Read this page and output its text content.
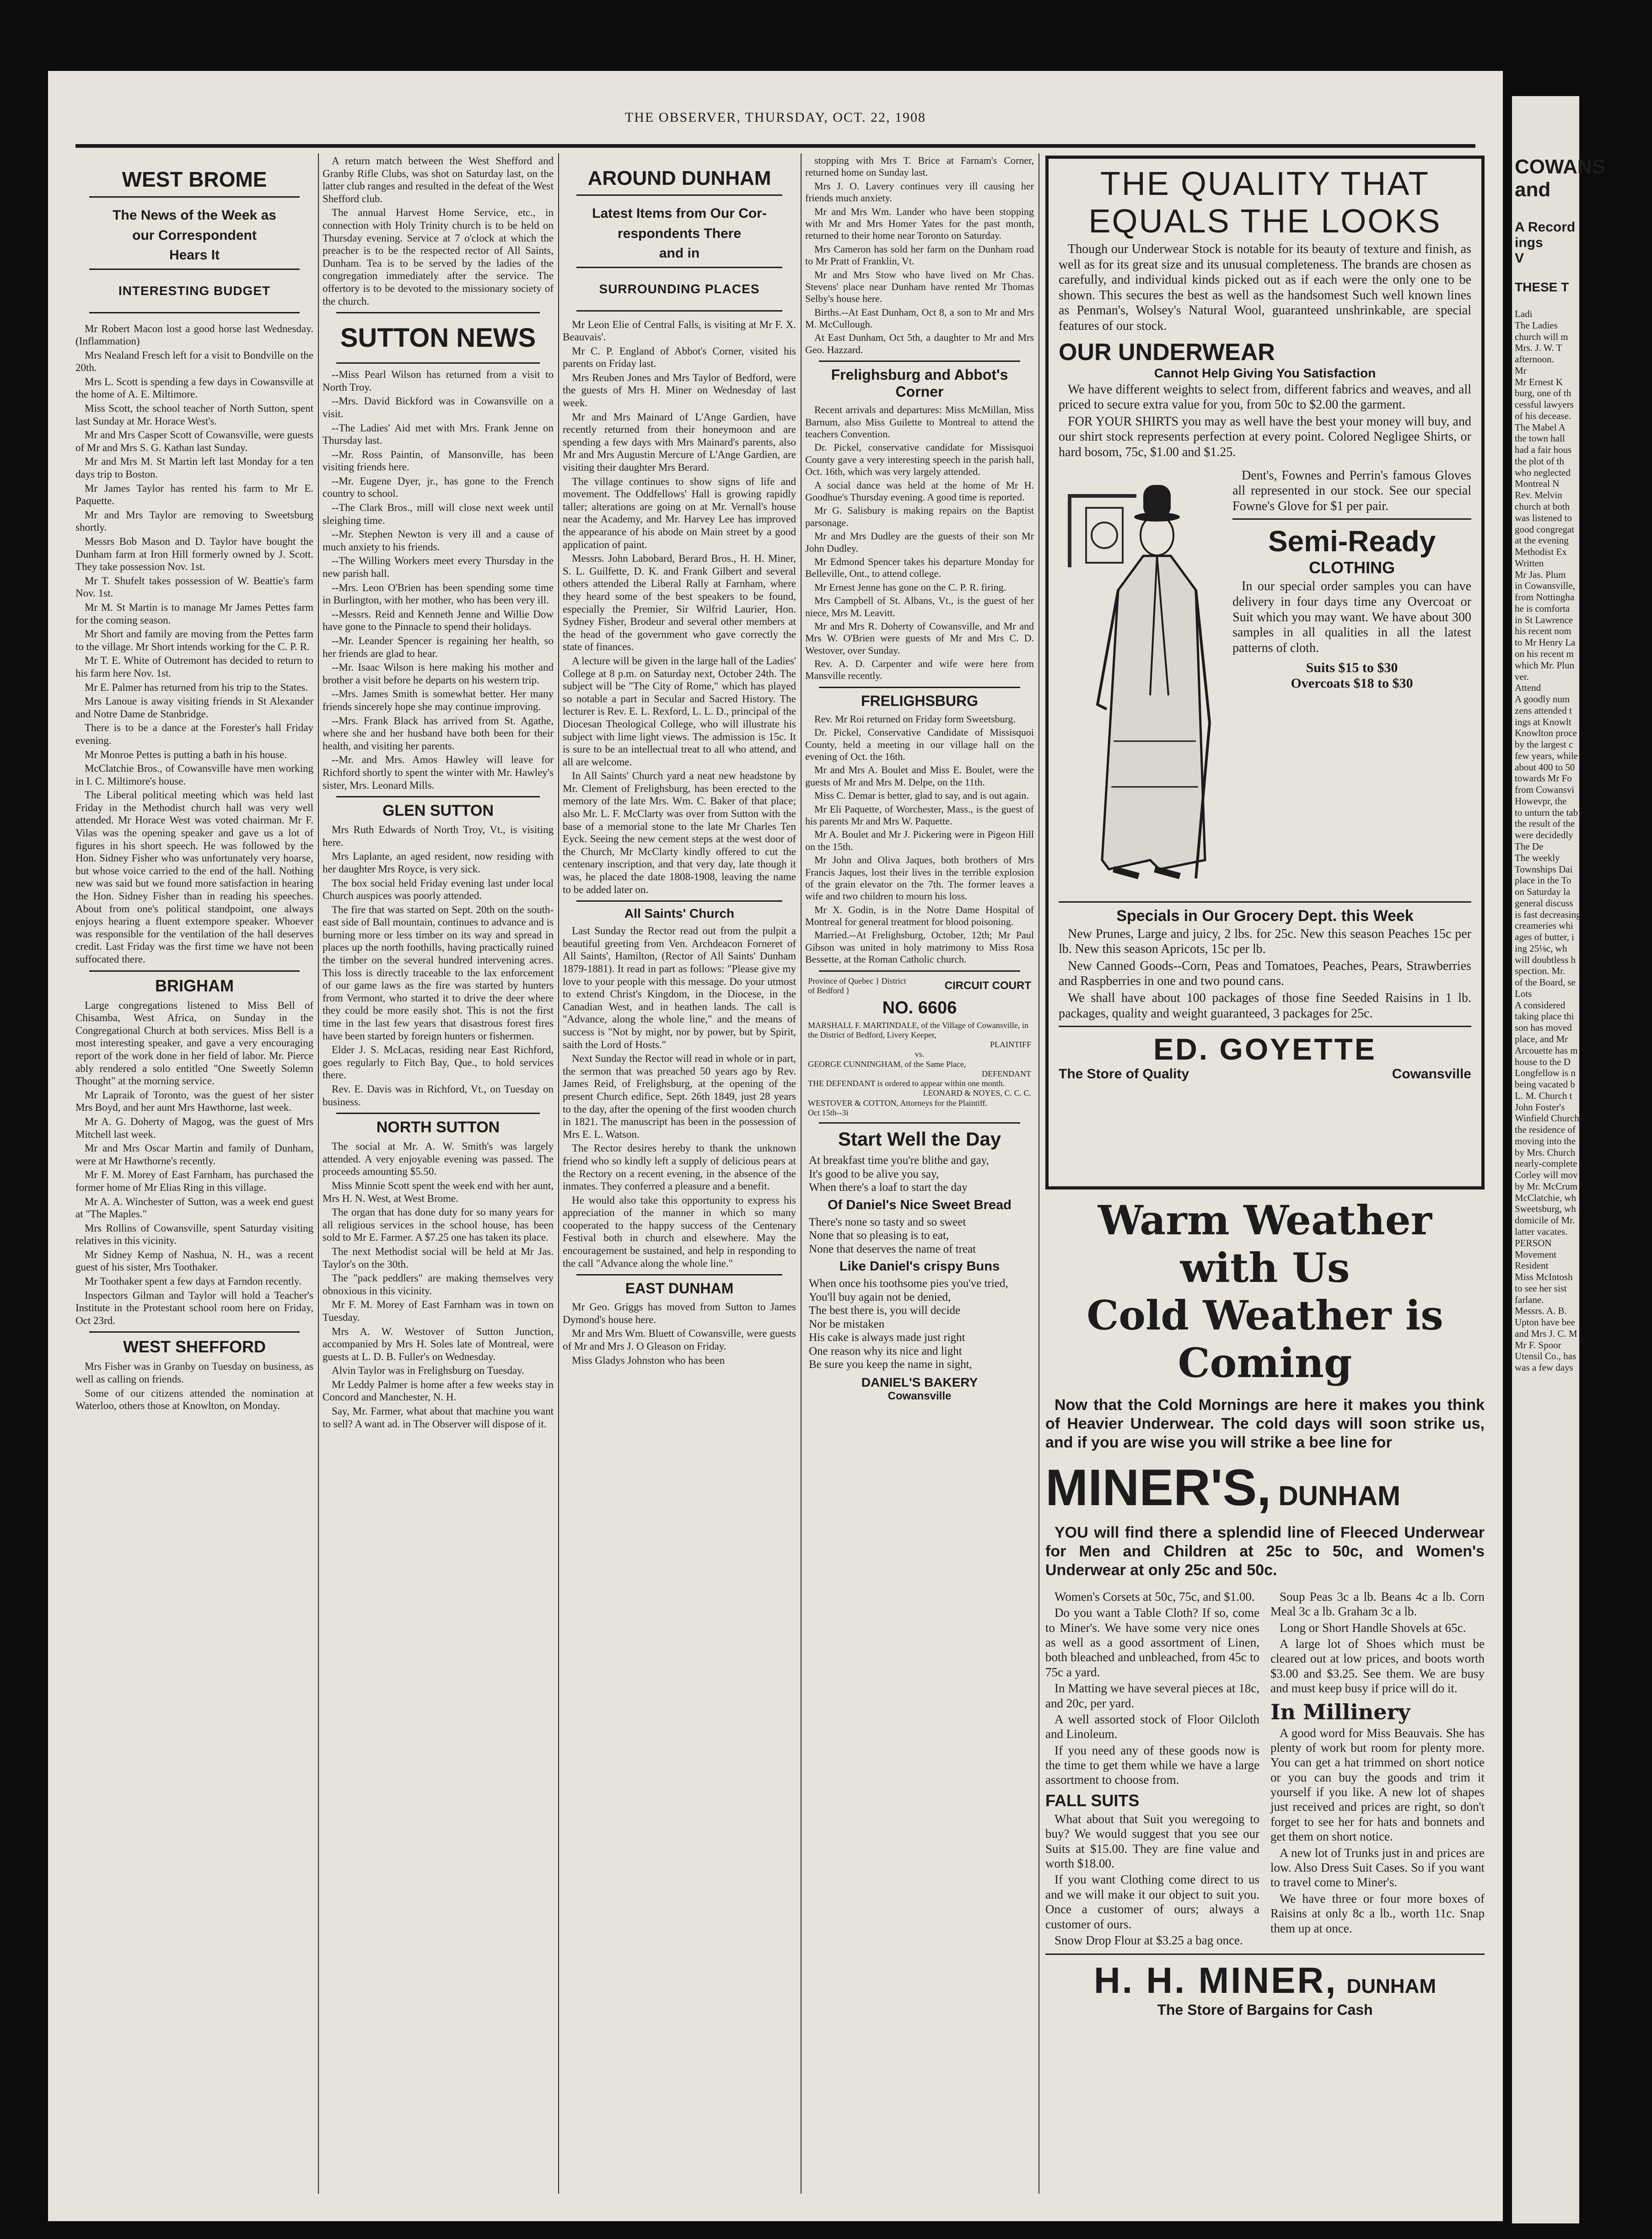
THE OBSERVER, THURSDAY, OCT. 22, 1908
WEST BROME
The News of the Week as
our Correspondent
Hears It
INTERESTING BUDGET

Mr Robert Macon lost a good horse last Wednesday. (Inflammation)

Mrs Nealand Fresch left for a visit to Bondville on the 20th.

Mrs L. Scott is spending a few days in Cowansville at the home of A. E. Miltimore.

Miss Scott, the school teacher of North Sutton, spent last Sunday at Mr. Horace West's.

Mr and Mrs Casper Scott of Cowansville, were guests of Mr and Mrs S. G. Kathan last Sunday.

Mr and Mrs M. St Martin left last Monday for a ten days trip to Boston.

Mr James Taylor has rented his farm to Mr E. Paquette.

Mr and Mrs Taylor are removing to Sweetsburg shortly.

Messrs Bob Mason and D. Taylor have bought the Dunham farm at Iron Hill formerly owned by J. Scott. They take possession Nov. 1st.

Mr T. Shufelt takes possession of W. Beattie's farm Nov. 1st.

Mr M. St Martin is to manage Mr James Pettes farm for the coming season.

Mr Short and family are moving from the Pettes farm to the village. Mr Short intends working for the C. P. R.

Mr T. E. White of Outremont has decided to return to his farm here Nov. 1st.

Mr E. Palmer has returned from his trip to the States.

Mrs Lanoue is away visiting friends in St Alexander and Notre Dame de Stanbridge.

There is to be a dance at the Forester's hall Friday evening.

Mr Monroe Pettes is putting a bath in his house.

McClatchie Bros., of Cowansville have men working in I. C. Miltimore's house.

The Liberal political meeting which was held last Friday in the Methodist church hall was very well attended. Mr Horace West was voted chairman. Mr F. Vilas was the opening speaker and gave us a lot of figures in his short speech. He was followed by the Hon. Sidney Fisher who was unfortunately very hoarse, but whose voice carried to the end of the hall. Nothing new was said but we found more satisfaction in hearing the Hon. Sidney Fisher than in reading his speeches. About from one's political standpoint, one always enjoys hearing a fluent extempore speaker. Whoever was responsible for the ventilation of the hall deserves credit. Last Friday was the first time we have not been suffocated there.

BRIGHAM

Large congregations listened to Miss Bell of Chisamba, West Africa, on Sunday in the Congregational Church at both services. Miss Bell is a most interesting speaker, and gave a very encouraging report of the work done in her field of labor. Mr. Pierce ably rendered a solo entitled "One Sweetly Solemn Thought" at the morning service.

Mr Lapraik of Toronto, was the guest of her sister Mrs Boyd, and her aunt Mrs Hawthorne, last week.

Mr A. G. Doherty of Magog, was the guest of Mrs Mitchell last week.

Mr and Mrs Oscar Martin and family of Dunham, were at Mr Hawthorne's recently.

Mr F. M. Morey of East Farnham, has purchased the former home of Mr Elias Ring in this village.

Mr A. A. Winchester of Sutton, was a week end guest at "The Maples."

Mrs Rollins of Cowansville, spent Saturday visiting relatives in this vicinity.

Mr Sidney Kemp of Nashua, N. H., was a recent guest of his sister, Mrs Toothaker.

Mr Toothaker spent a few days at Farndon recently.

Inspectors Gilman and Taylor will hold a Teacher's Institute in the Protestant school room here on Friday, Oct 23rd.

WEST SHEFFORD

Mrs Fisher was in Granby on Tuesday on business, as well as calling on friends.

Some of our citizens attended the nomination at Waterloo, others those at Knowlton, on Monday.

A return match between the West Shefford and Granby Rifle Clubs, was shot on Saturday last, on the latter club ranges and resulted in the defeat of the West Shefford club.

The annual Harvest Home Service, etc., in connection with Holy Trinity church is to be held on Thursday evening. Service at 7 o'clock at which the preacher is to be the respected rector of All Saints, Dunham. Tea is to be served by the ladies of the congregation immediately after the service. The offertory is to be devoted to the missionary society of the church.

SUTTON NEWS

--Miss Pearl Wilson has returned from a visit to North Troy.

--Mrs. David Bickford was in Cowansville on a visit.

--The Ladies' Aid met with Mrs. Frank Jenne on Thursday last.

--Mr. Ross Paintin, of Mansonville, has been visiting friends here.

--Mr. Eugene Dyer, jr., has gone to the French country to school.

--The Clark Bros., mill will close next week until sleighing time.

--Mr. Stephen Newton is very ill and a cause of much anxiety to his friends.

--The Willing Workers meet every Thursday in the new parish hall.

--Mrs. Leon O'Brien has been spending some time in Burlington, with her mother, who has been very ill.

--Messrs. Reid and Kenneth Jenne and Willie Dow have gone to the Pinnacle to spend their holidays.

--Mr. Leander Spencer is regaining her health, so her friends are glad to hear.

--Mr. Isaac Wilson is here making his mother and brother a visit before he departs on his western trip.

--Mrs. James Smith is somewhat better. Her many friends sincerely hope she may continue improving.

--Mrs. Frank Black has arrived from St. Agathe, where she and her husband have both been for their health, and visiting her parents.

--Mr. and Mrs. Amos Hawley will leave for Richford shortly to spent the winter with Mr. Hawley's sister, Mrs. Leonard Mills.

GLEN SUTTON

Mrs Ruth Edwards of North Troy, Vt., is visiting here.

Mrs Laplante, an aged resident, now residing with her daughter Mrs Royce, is very sick.

The box social held Friday evening last under local Church auspices was poorly attended.

The fire that was started on Sept. 20th on the south-east side of Ball mountain, continues to advance and is burning more or less timber on its way and spread in places up the north foothills, having practically ruined the timber on the several hundred intervening acres. This loss is directly traceable to the lax enforcement of our game laws as the fire was started by hunters from Vermont, who started it to drive the deer where they could be more easily shot. This is not the first time in the last few years that disastrous forest fires have been started by foreign hunters or fishermen.

Elder J. S. McLacas, residing near East Richford, goes regularly to Fitch Bay, Que., to hold services there.

Rev. E. Davis was in Richford, Vt., on Tuesday on business.

NORTH SUTTON

The social at Mr. A. W. Smith's was largely attended. A very enjoyable evening was passed. The proceeds amounting $5.50.

Miss Minnie Scott spent the week end with her aunt, Mrs H. N. West, at West Brome.

The organ that has done duty for so many years for all religious services in the school house, has been sold to Mr E. Farmer. A $7.25 one has taken its place.

The next Methodist social will be held at Mr Jas. Taylor's on the 30th.

The "pack peddlers" are making themselves very obnoxious in this vicinity.

Mr F. M. Morey of East Farnham was in town on Tuesday.

Mrs A. W. Westover of Sutton Junction, accompanied by Mrs H. Soles late of Montreal, were guests at L. D. B. Fuller's on Wednesday.

Alvin Taylor was in Frelighsburg on Tuesday.

Mr Leddy Palmer is home after a few weeks stay in Concord and Manchester, N. H.

Say, Mr. Farmer, what about that machine you want to sell? A want ad. in The Observer will dispose of it.

AROUND DUNHAM
Latest Items from Our Cor-
respondents There
and in
SURROUNDING PLACES

Mr Leon Elie of Central Falls, is visiting at Mr F. X. Beauvais'.

Mr C. P. England of Abbot's Corner, visited his parents on Friday last.

Mrs Reuben Jones and Mrs Taylor of Bedford, were the guests of Mrs H. Miner on Wednesday of last week.

Mr and Mrs Mainard of L'Ange Gardien, have recently returned from their honeymoon and are spending a few days with Mrs Mainard's parents, also Mr and Mrs Augustin Mercure of L'Ange Gardien, are visiting their daughter Mrs Berard.

The village continues to show signs of life and movement. The Oddfellows' Hall is growing rapidly taller; alterations are going on at Mr. Vernall's house near the Academy, and Mr. Harvey Lee has improved the appearance of his abode on Main street by a good application of paint.

Messrs. John Labobard, Berard Bros., H. H. Miner, S. L. Guilfette, D. K. and Frank Gilbert and several others attended the Liberal Rally at Farnham, where they heard some of the best speakers to be found, especially the Premier, Sir Wilfrid Laurier, Hon. Sydney Fisher, Brodeur and several other members at the head of the government who gave correctly the state of finances.

A lecture will be given in the large hall of the Ladies' College at 8 p.m. on Saturday next, October 24th. The subject will be "The City of Rome," which has played so notable a part in Secular and Sacred History. The lecturer is Rev. E. L. Rexford, L. L. D., principal of the Diocesan Theological College, who will illustrate his subject with lime light views. The admission is 15c. It is sure to be an intellectual treat to all who attend, and all are welcome.

In All Saints' Church yard a neat new headstone by Mr. Clement of Frelighsburg, has been erected to the memory of the late Mrs. Wm. C. Baker of that place; also Mr. L. F. McClarty was over from Sutton with the base of a memorial stone to the late Mr Charles Ten Eyck. Seeing the new cement steps at the west door of the Church, Mr McClarty kindly offered to cut the centenary inscription, and that very day, late though it was, he placed the date 1808-1908, leaving the name to be added later on.

All Saints' Church

Last Sunday the Rector read out from the pulpit a beautiful greeting from Ven. Archdeacon Forneret of All Saints', Hamilton, (Rector of All Saints' Dunham 1879-1881). It read in part as follows: "Please give my love to your people with this message. Do your utmost to extend Christ's Kingdom, in the Diocese, in the Canadian West, and in heathen lands. The call is "Advance, along the whole line," and the means of success is "Not by might, nor by power, but by Spirit, saith the Lord of Hosts."

Next Sunday the Rector will read in whole or in part, the sermon that was preached 50 years ago by Rev. James Reid, of Frelighsburg, at the opening of the present Church edifice, Sept. 26th 1849, just 28 years to the day, after the opening of the first wooden church in 1821. The manuscript has been in the possession of Mrs E. L. Watson.

The Rector desires hereby to thank the unknown friend who so kindly left a supply of delicious pears at the Rectory on a recent evening, in the absence of the inmates. They conferred a pleasure and a benefit.

He would also take this opportunity to express his appreciation of the manner in which so many cooperated to the happy success of the Centenary Festival both in church and elsewhere. May the encouragement be sustained, and help in responding to the call "Advance along the whole line."

EAST DUNHAM

Mr Geo. Griggs has moved from Sutton to James Dymond's house here.

Mr and Mrs Wm. Bluett of Cowansville, were guests of Mr and Mrs J. O Gleason on Friday.

Miss Gladys Johnston who has been

stopping with Mrs T. Brice at Farnam's Corner, returned home on Sunday last.

Mrs J. O. Lavery continues very ill causing her friends much anxiety.

Mr and Mrs Wm. Lander who have been stopping with Mr and Mrs Homer Yates for the past month, returned to their home near Toronto on Saturday.

Mrs Cameron has sold her farm on the Dunham road to Mr Pratt of Franklin, Vt.

Mr and Mrs Stow who have lived on Mr Chas. Stevens' place near Dunham have rented Mr Thomas Selby's house here.

Births.--At East Dunham, Oct 8, a son to Mr and Mrs M. McCullough.

At East Dunham, Oct 5th, a daughter to Mr and Mrs Geo. Hazzard.

Frelighsburg and Abbot's Corner

Recent arrivals and departures: Miss McMillan, Miss Barnum, also Miss Guilette to Montreal to attend the teachers Convention.

Dr. Pickel, conservative candidate for Missisquoi County gave a very interesting speech in the parish hall, Oct. 16th, which was very largely attended.

A social dance was held at the home of Mr H. Goodhue's Thursday evening. A good time is reported.

Mr G. Salisbury is making repairs on the Baptist parsonage.

Mr and Mrs Dudley are the guests of their son Mr John Dudley.

Mr Edmond Spencer takes his departure Monday for Belleville, Ont., to attend college.

Mr Ernest Jenne has gone on the C. P. R. firing.

Mrs Campbell of St. Albans, Vt., is the guest of her niece, Mrs M. Leavitt.

Mr and Mrs R. Doherty of Cowansville, and Mr and Mrs W. O'Brien were guests of Mr and Mrs C. D. Westover, over Sunday.

Rev. A. D. Carpenter and wife were here from Mansville recently.

FRELIGHSBURG

Rev. Mr Roi returned on Friday form Sweetsburg.

Dr. Pickel, Conservative Candidate of Missisquoi County, held a meeting in our village hall on the evening of Oct. the 16th.

Mr and Mrs A. Boulet and Miss E. Boulet, were the guests of Mr and Mrs M. Delpe, on the 11th.

Miss C. Demar is better, glad to say, and is out again.

Mr Eli Paquette, of Worchester, Mass., is the guest of his parents Mr and Mrs W. Paquette.

Mr A. Boulet and Mr J. Pickering were in Pigeon Hill on the 15th.

Mr John and Oliva Jaques, both brothers of Mrs Francis Jaques, lost their lives in the terrible explosion of the grain elevator on the 7th. The former leaves a wife and two children to mourn his loss.

Mr X. Godin, is in the Notre Dame Hospital of Montreal for general treatment for blood poisoning.

Married.--At Frelighsburg, October, 12th; Mr Paul Gibson was united in holy matrimony to Miss Rosa Bessette, at the Roman Catholic church.

Province of Quebec } District of Bedford }	CIRCUIT COURT
NO. 6606

MARSHALL F. MARTINDALE, of the Village of Cowansville, in the District of Bedford, Livery Keeper,

PLAINTIFF

vs.

GEORGE CUNNINGHAM, of the Same Place,

DEFENDANT

THE DEFENDANT is ordered to appear within one month.

LEONARD & NOYES, C. C. C.

WESTOVER & COTTON, Attorneys for the Plaintiff.

Oct 15th--3i

Start Well the Day

At breakfast time you're blithe and gay,

It's good to be alive you say,

When there's a loaf to start the day

Of Daniel's Nice Sweet Bread

There's none so tasty and so sweet

None that so pleasing is to eat,

None that deserves the name of treat

Like Daniel's crispy Buns

When once his toothsome pies you've tried,

You'll buy again not be denied,

The best there is, you will decide

Nor be mistaken

His cake is always made just right

One reason why its nice and light

Be sure you keep the name in sight,

DANIEL'S BAKERY
Cowansville
THE QUALITY THAT
EQUALS THE LOOKS

Though our Underwear Stock is notable for its beauty of texture and finish, as well as for its great size and its unusual completeness. The brands are chosen as carefully, and individual kinds picked out as if each were the only one to be shown. This secures the best as well as the handsomest Such well known lines as Penman's, Wolsey's Natural Wool, guaranteed unshrinkable, are special features of our stock.

OUR UNDERWEAR
Cannot Help Giving You Satisfaction

We have different weights to select from, different fabrics and weaves, and all priced to secure extra value for you, from 50c to $2.00 the garment.

FOR YOUR SHIRTS you may as well have the best your money will buy, and our shirt stock represents perfection at every point. Colored Negligee Shirts, or hard bosom, 75c, $1.00 and $1.25.

Dent's, Fownes and Perrin's famous Gloves all represented in our stock. See our special Fowne's Glove for $1 per pair.

Semi-Ready
CLOTHING

In our special order samples you can have delivery in four days time any Overcoat or Suit which you may want. We have about 300 samples in all qualities in all the latest patterns of cloth.

Suits $15 to $30
Overcoats $18 to $30
Specials in Our Grocery Dept. this Week

New Prunes, Large and juicy, 2 lbs. for 25c. New this season Peaches 15c per lb. New this season Apricots, 15c per lb.

New Canned Goods--Corn, Peas and Tomatoes, Peaches, Pears, Strawberries and Raspberries in one and two pound cans.

We shall have about 100 packages of those fine Seeded Raisins in 1 lb. packages, quality and weight guaranteed, 3 packages for 25c.

ED. GOYETTE
The Store of Quality	Cowansville
Warm Weather with Us
Cold Weather is Coming

Now that the Cold Mornings are here it makes you think of Heavier Underwear. The cold days will soon strike us, and if you are wise you will strike a bee line for

MINER'S, DUNHAM

YOU will find there a splendid line of Fleeced Underwear for Men and Children at 25c to 50c, and Women's Underwear at only 25c and 50c.

Women's Corsets at 50c, 75c, and $1.00.

Do you want a Table Cloth? If so, come to Miner's. We have some very nice ones as well as a good assortment of Linen, both bleached and unbleached, from 45c to 75c a yard.

In Matting we have several pieces at 18c, and 20c, per yard.

A well assorted stock of Floor Oilcloth and Linoleum.

If you need any of these goods now is the time to get them while we have a large assortment to choose from.

FALL SUITS

What about that Suit you weregoing to buy? We would suggest that you see our Suits at $15.00. They are fine value and worth $18.00.

If you want Clothing come direct to us and we will make it our object to suit you. Once a customer of ours; always a customer of ours.

Snow Drop Flour at $3.25 a bag once.

Soup Peas 3c a lb. Beans 4c a lb. Corn Meal 3c a lb. Graham 3c a lb.

Long or Short Handle Shovels at 65c.

A large lot of Shoes which must be cleared out at low prices, and boots worth $3.00 and $3.25. See them. We are busy and must keep busy if price will do it.

In Millinery

A good word for Miss Beauvais. She has plenty of work but room for plenty more. You can get a hat trimmed on short notice or you can buy the goods and trim it yourself if you like. A new lot of shapes just received and prices are right, so don't forget to see her for hats and bonnets and get them on short notice.

A new lot of Trunks just in and prices are low. Also Dress Suit Cases. So if you want to travel come to Miner's.

We have three or four more boxes of Raisins at only 8c a lb., worth 11c. Snap them up at once.

H. H. MINER, DUNHAM
The Store of Bargains for Cash
COWANS
and
A Record
ings
V
THESE T

Ladi

The Ladies

church will m

Mrs. J. W. T

afternoon.

Mr

Mr Ernest K

burg, one of th

cessful lawyers

of his decease.

The Mabel A

the town hall

had a fair hous

the plot of th

who neglected

Montreal N

Rev. Melvin

church at both

was listened to

good congregat

at the evening

Methodist Ex

Written

Mr Jas. Plum

in Cowansville,

from Nottingha

he is comforta

in St Lawrence

his recent nom

to Mr Henry La

on his recent m

which Mr. Plun

ver.

Attend

A goodly num

zens attended t

ings at Knowlt

Knowlton proce

by the largest c

few years, while

about 400 to 50

towards Mr Fo

from Cowansvi

Howevpr, the

to unturn the tab

the result of the

were decidedly

The De

The weekly

Townships Dai

place in the To

on Saturday la

general discuss

is fast decreasing

creameries whi

ages of butter, i

ing 25⅛c, wh

will doubtless h

spection. Mr.

of the Board, se

Lots

A considered

taking place thi

son has moved

place, and Mr

Arcouette has m

house to the D

Longfellow is n

being vacated b

L. M. Church t

John Foster's

Winfield Church

the residence of

moving into the

by Mrs. Church

nearly-complete

Corley will mov

by Mr. McCrum

McClatchie, wh

Sweetsburg, wh

domicile of Mr.

latter vacates.

PERSON

Movement

Resident

Miss McIntosh

to see her sist

farlane.

Messrs. A. B.

Upton have bee

and Mrs J. C. M

Mr F. Spoor

Utensil Co., has

was a few days
